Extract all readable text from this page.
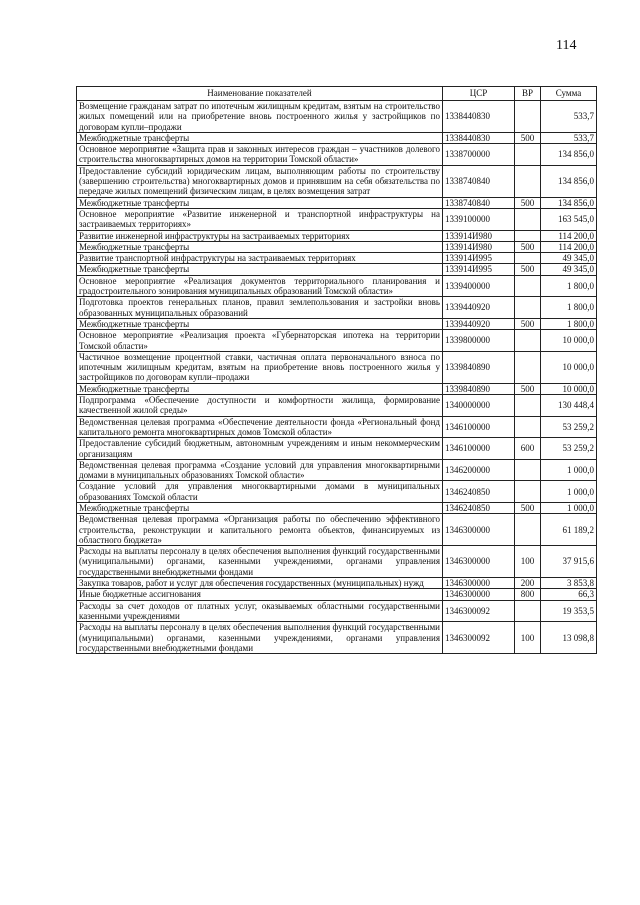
114
Наименование показателей	ЦСР	ВР	Сумма
Возмещение гражданам затрат по ипотечным жилищным кредитам, взятым на строительство жилых помещений или на приобретение вновь построенного жилья у застройщиков по договорам купли–продажи	1338440830		533,7
Межбюджетные трансферты	1338440830	500	533,7
Основное мероприятие «Защита прав и законных интересов граждан – участников долевого строительства многоквартирных домов на территории Томской области»	1338700000		134 856,0
Предоставление субсидий юридическим лицам, выполняющим работы по строительству (завершению строительства) многоквартирных домов и принявшим на себя обязательства по передаче жилых помещений физическим лицам, в целях возмещения затрат	1338740840		134 856,0
Межбюджетные трансферты	1338740840	500	134 856,0
Основное мероприятие «Развитие инженерной и транспортной инфраструктуры на застраиваемых территориях»	1339100000		163 545,0
Развитие инженерной инфраструктуры на застраиваемых территориях	133914И980		114 200,0
Межбюджетные трансферты	133914И980	500	114 200,0
Развитие транспортной инфраструктуры на застраиваемых территориях	133914И995		49 345,0
Межбюджетные трансферты	133914И995	500	49 345,0
Основное мероприятие «Реализация документов территориального планирования и градостроительного зонирования муниципальных образований Томской области»	1339400000		1 800,0
Подготовка проектов генеральных планов, правил землепользования и застройки вновь образованных муниципальных образований	1339440920		1 800,0
Межбюджетные трансферты	1339440920	500	1 800,0
Основное мероприятие «Реализация проекта «Губернаторская ипотека на территории Томской области»	1339800000		10 000,0
Частичное возмещение процентной ставки, частичная оплата первоначального взноса по ипотечным жилищным кредитам, взятым на приобретение вновь построенного жилья у застройщиков по договорам купли–продажи	1339840890		10 000,0
Межбюджетные трансферты	1339840890	500	10 000,0
Подпрограмма «Обеспечение доступности и комфортности жилища, формирование качественной жилой среды»	1340000000		130 448,4
Ведомственная целевая программа «Обеспечение деятельности фонда «Региональный фонд капитального ремонта многоквартирных домов Томской области»	1346100000		53 259,2
Предоставление субсидий бюджетным, автономным учреждениям и иным некоммерческим организациям	1346100000	600	53 259,2
Ведомственная целевая программа «Создание условий для управления многоквартирными домами в муниципальных образованиях Томской области»	1346200000		1 000,0
Создание условий для управления многоквартирными домами в муниципальных образованиях Томской области	1346240850		1 000,0
Межбюджетные трансферты	1346240850	500	1 000,0
Ведомственная целевая программа «Организация работы по обеспечению эффективного строительства, реконструкции и капитального ремонта объектов, финансируемых из областного бюджета»	1346300000		61 189,2
Расходы на выплаты персоналу в целях обеспечения выполнения функций государственными (муниципальными) органами, казенными учреждениями, органами управления государственными внебюджетными фондами	1346300000	100	37 915,6
Закупка товаров, работ и услуг для обеспечения государственных (муниципальных) нужд	1346300000	200	3 853,8
Иные бюджетные ассигнования	1346300000	800	66,3
Расходы за счет доходов от платных услуг, оказываемых областными государственными казенными учреждениями	1346300092		19 353,5
Расходы на выплаты персоналу в целях обеспечения выполнения функций государственными (муниципальными) органами, казенными учреждениями, органами управления государственными внебюджетными фондами	1346300092	100	13 098,8
